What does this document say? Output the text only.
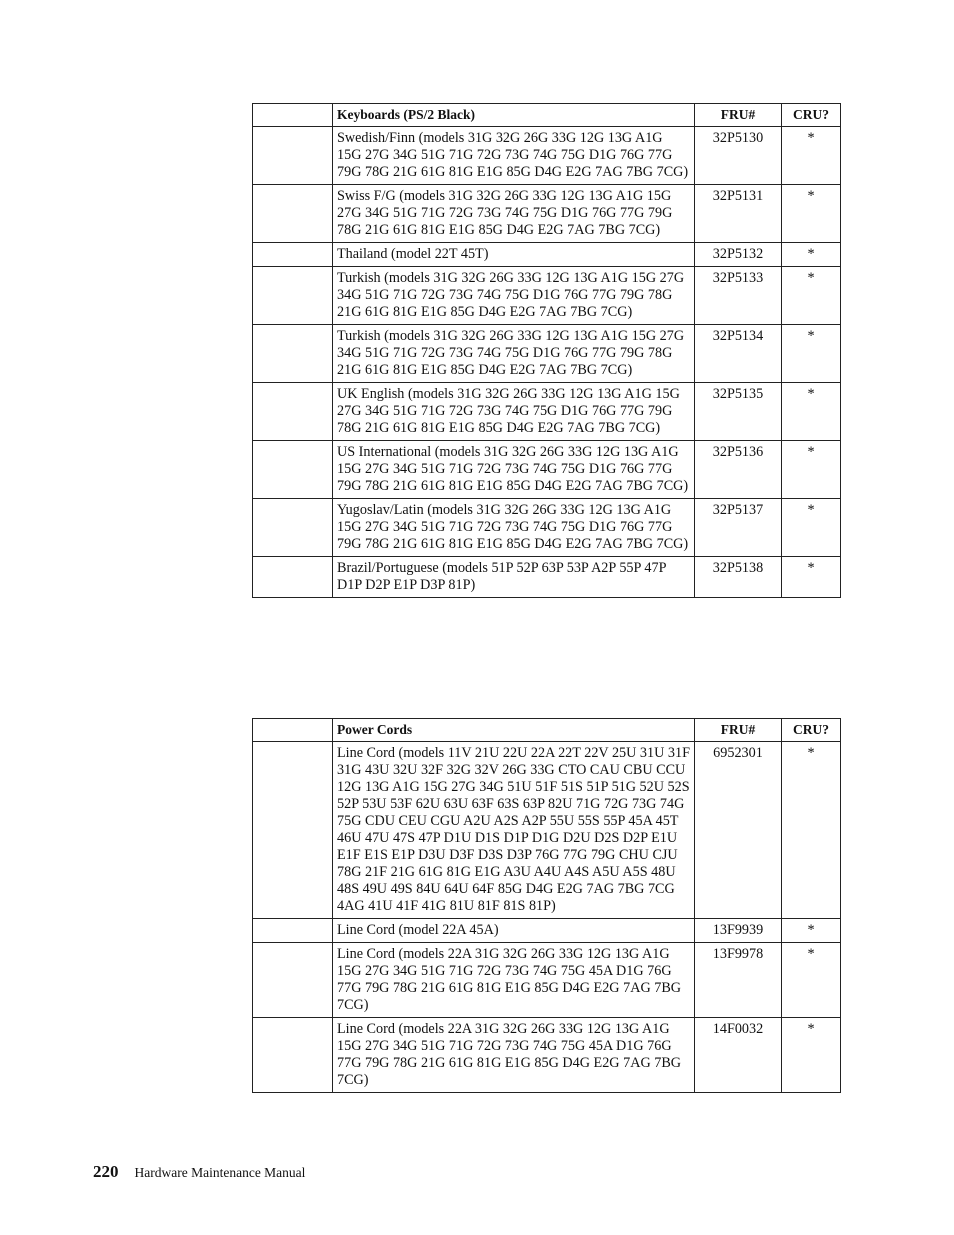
	Keyboards (PS/2 Black)	FRU#	CRU?
	Swedish/Finn (models 31G 32G 26G 33G 12G 13G A1G 15G 27G 34G 51G 71G 72G 73G 74G 75G D1G 76G 77G 79G 78G 21G 61G 81G E1G 85G D4G E2G 7AG 7BG 7CG)	32P5130	*
	Swiss F/G (models 31G 32G 26G 33G 12G 13G A1G 15G 27G 34G 51G 71G 72G 73G 74G 75G D1G 76G 77G 79G 78G 21G 61G 81G E1G 85G D4G E2G 7AG 7BG 7CG)	32P5131	*
	Thailand (model 22T 45T)	32P5132	*
	Turkish (models 31G 32G 26G 33G 12G 13G A1G 15G 27G 34G 51G 71G 72G 73G 74G 75G D1G 76G 77G 79G 78G 21G 61G 81G E1G 85G D4G E2G 7AG 7BG 7CG)	32P5133	*
	Turkish (models 31G 32G 26G 33G 12G 13G A1G 15G 27G 34G 51G 71G 72G 73G 74G 75G D1G 76G 77G 79G 78G 21G 61G 81G E1G 85G D4G E2G 7AG 7BG 7CG)	32P5134	*
	UK English (models 31G 32G 26G 33G 12G 13G A1G 15G 27G 34G 51G 71G 72G 73G 74G 75G D1G 76G 77G 79G 78G 21G 61G 81G E1G 85G D4G E2G 7AG 7BG 7CG)	32P5135	*
	US International (models 31G 32G 26G 33G 12G 13G A1G 15G 27G 34G 51G 71G 72G 73G 74G 75G D1G 76G 77G 79G 78G 21G 61G 81G E1G 85G D4G E2G 7AG 7BG 7CG)	32P5136	*
	Yugoslav/Latin (models 31G 32G 26G 33G 12G 13G A1G 15G 27G 34G 51G 71G 72G 73G 74G 75G D1G 76G 77G 79G 78G 21G 61G 81G E1G 85G D4G E2G 7AG 7BG 7CG)	32P5137	*
	Brazil/Portuguese (models 51P 52P 63P 53P A2P 55P 47P D1P D2P E1P D3P 81P)	32P5138	*
	Power Cords	FRU#	CRU?
	Line Cord (models 11V 21U 22U 22A 22T 22V 25U 31U 31F 31G 43U 32U 32F 32G 32V 26G 33G CTO CAU CBU CCU 12G 13G A1G 15G 27G 34G 51U 51F 51S 51P 51G 52U 52S 52P 53U 53F 62U 63U 63F 63S 63P 82U 71G 72G 73G 74G 75G CDU CEU CGU A2U A2S A2P 55U 55S 55P 45A 45T 46U 47U 47S 47P D1U D1S D1P D1G D2U D2S D2P E1U E1F E1S E1P D3U D3F D3S D3P 76G 77G 79G CHU CJU 78G 21F 21G 61G 81G E1G A3U A4U A4S A5U A5S 48U 48S 49U 49S 84U 64U 64F 85G D4G E2G 7AG 7BG 7CG 4AG 41U 41F 41G 81U 81F 81S 81P)	6952301	*
	Line Cord (model 22A 45A)	13F9939	*
	Line Cord (models 22A 31G 32G 26G 33G 12G 13G A1G 15G 27G 34G 51G 71G 72G 73G 74G 75G 45A D1G 76G 77G 79G 78G 21G 61G 81G E1G 85G D4G E2G 7AG 7BG 7CG)	13F9978	*
	Line Cord (models 22A 31G 32G 26G 33G 12G 13G A1G 15G 27G 34G 51G 71G 72G 73G 74G 75G 45A D1G 76G 77G 79G 78G 21G 61G 81G E1G 85G D4G E2G 7AG 7BG 7CG)	14F0032	*
220 Hardware Maintenance Manual
